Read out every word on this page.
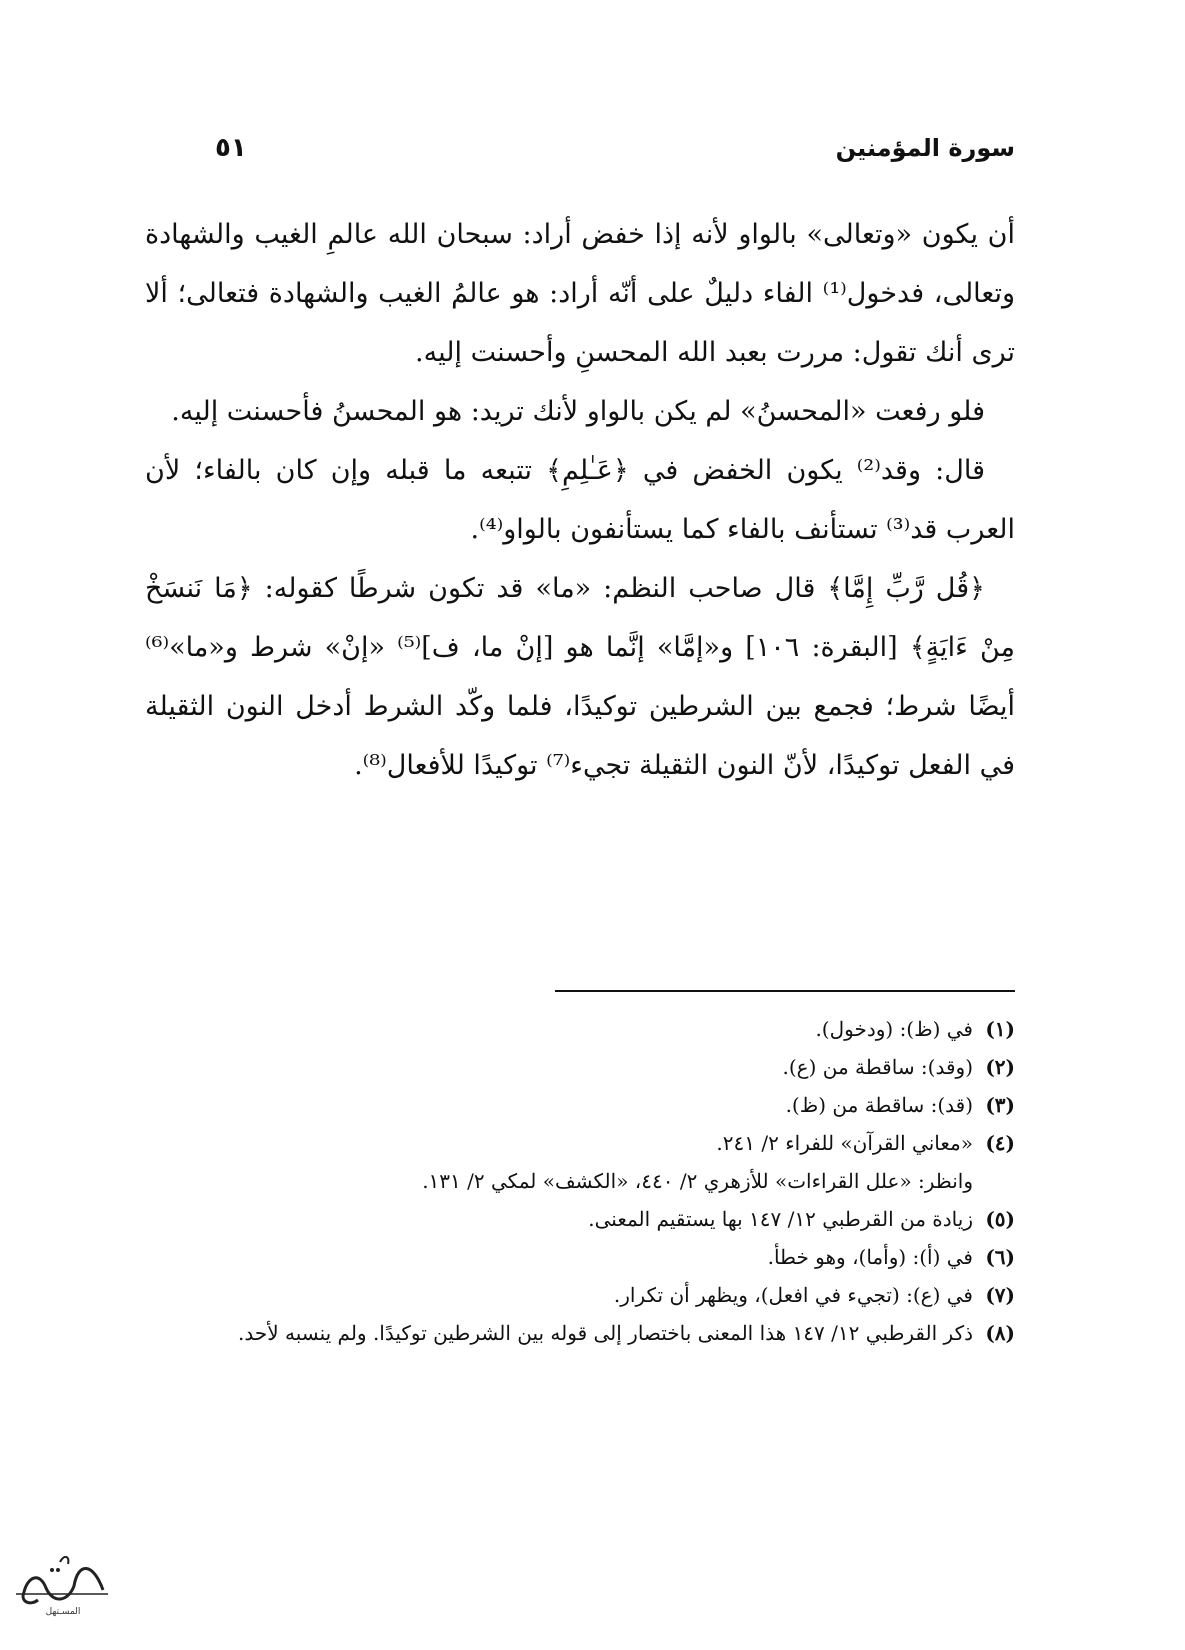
سورة المؤمنين
٥١

أن يكون «وتعالى» بالواو لأنه إذا خفض أراد: سبحان الله عالمِ الغيب والشهادة وتعالى، فدخول⁽¹⁾ الفاء دليلٌ على أنّه أراد: هو عالمُ الغيب والشهادة فتعالى؛ ألا ترى أنك تقول: مررت بعبد الله المحسنِ وأحسنت إليه.

فلو رفعت «المحسنُ» لم يكن بالواو لأنك تريد: هو المحسنُ فأحسنت إليه.

قال: وقد⁽²⁾ يكون الخفض في ﴿عَـٰلِمِ﴾ تتبعه ما قبله وإن كان بالفاء؛ لأن العرب قد⁽³⁾ تستأنف بالفاء كما يستأنفون بالواو⁽⁴⁾.

﴿قُل رَّبِّ إِمَّا﴾ قال صاحب النظم: «ما» قد تكون شرطًا كقوله: ﴿مَا نَنسَخْ مِنْ ءَايَةٍ﴾ [البقرة: ١٠٦] و«إمَّا» إنَّما هو [إنْ ما، ف]⁽⁵⁾ «إنْ» شرط و«ما»⁽⁶⁾ أيضًا شرط؛ فجمع بين الشرطين توكيدًا، فلما وكّد الشرط أدخل النون الثقيلة في الفعل توكيدًا، لأنّ النون الثقيلة تجيء⁽⁷⁾ توكيدًا للأفعال⁽⁸⁾.

(١)
في (ظ): (ودخول).
(٢)
(وقد): ساقطة من (ع).
(٣)
(قد): ساقطة من (ظ).
(٤)
«معاني القرآن» للفراء ٢/ ٢٤١.
وانظر: «علل القراءات» للأزهري ٢/ ٤٤٠، «الكشف» لمكي ٢/ ١٣١.
(٥)
زيادة من القرطبي ١٢/ ١٤٧ بها يستقيم المعنى.
(٦)
في (أ): (وأما)، وهو خطأ.
(٧)
في (ع): (تجيء في افعل)، ويظهر أن تكرار.
(٨)
ذكر القرطبي ١٢/ ١٤٧ هذا المعنى باختصار إلى قوله بين الشرطين توكيدًا. ولم ينسبه لأحد.
المسـتهل
